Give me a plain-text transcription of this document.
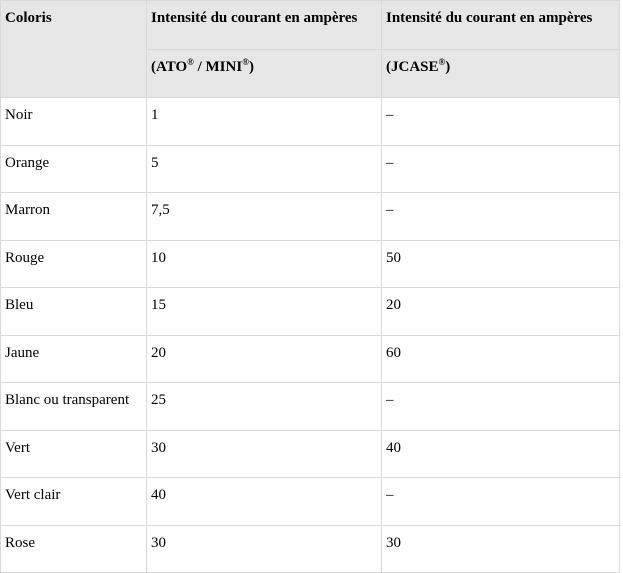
Coloris	Intensité du courant en ampères	Intensité du courant en ampères
	(ATO® / MINI®)	(JCASE®)
Noir	1	–
Orange	5	–
Marron	7,5	–
Rouge	10	50
Bleu	15	20
Jaune	20	60
Blanc ou transparent	25	–
Vert	30	40
Vert clair	40	–
Rose	30	30
